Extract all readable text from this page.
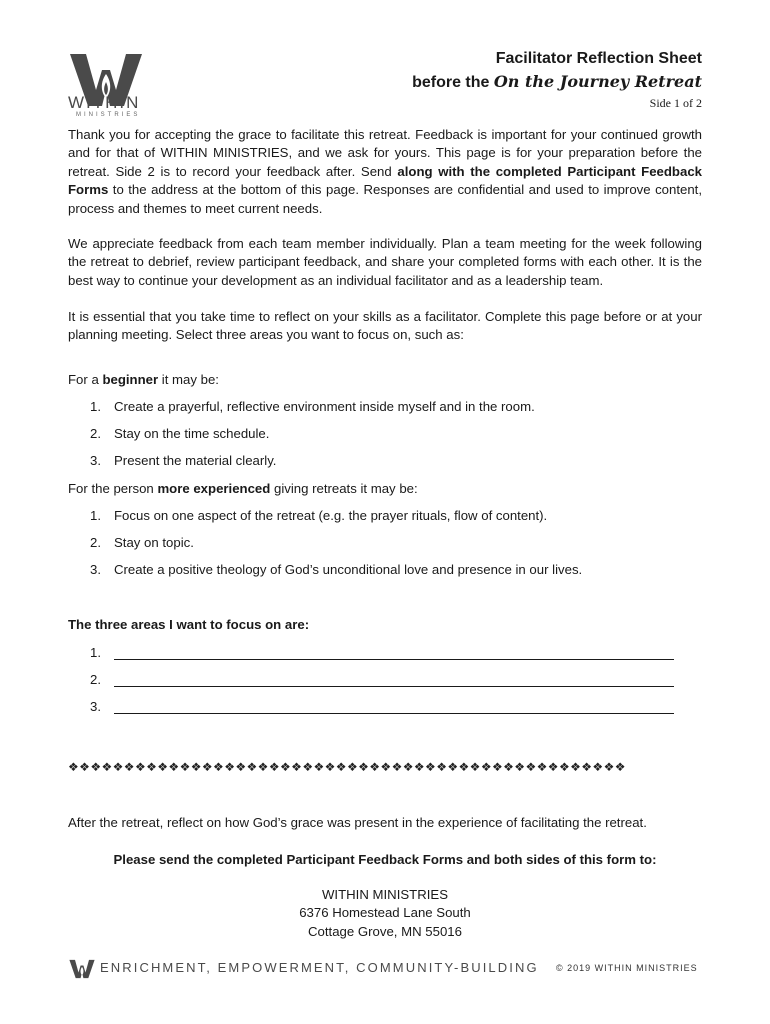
WITHIN
MINISTRIES
Facilitator Reflection Sheet
before the On the Journey Retreat
Side 1 of 2
Thank you for accepting the grace to facilitate this retreat. Feedback is important for your continued growth and for that of WITHIN MINISTRIES, and we ask for yours. This page is for your preparation before the retreat. Side 2 is to record your feedback after. Send along with the completed Participant Feedback Forms to the address at the bottom of this page. Responses are confidential and used to improve content, process and themes to meet current needs.
We appreciate feedback from each team member individually. Plan a team meeting for the week following the retreat to debrief, review participant feedback, and share your completed forms with each other. It is the best way to continue your development as an individual facilitator and as a leadership team.
It is essential that you take time to reflect on your skills as a facilitator. Complete this page before or at your planning meeting. Select three areas you want to focus on, such as:
For a beginner it may be:
1. Create a prayerful, reflective environment inside myself and in the room.
2. Stay on the time schedule.
3. Present the material clearly.
For the person more experienced giving retreats it may be:
1. Focus on one aspect of the retreat (e.g. the prayer rituals, flow of content).
2. Stay on topic.
3. Create a positive theology of God’s unconditional love and presence in our lives.
The three areas I want to focus on are:
1.
2.
3.
❖❖❖❖❖❖❖❖❖❖❖❖❖❖❖❖❖❖❖❖❖❖❖❖❖❖❖❖❖❖❖❖❖❖❖❖❖❖❖❖❖❖❖❖❖❖❖❖❖❖
After the retreat, reflect on how God’s grace was present in the experience of facilitating the retreat.
Please send the completed Participant Feedback Forms and both sides of this form to:
WITHIN MINISTRIES
6376 Homestead Lane South
Cottage Grove, MN 55016
ENRICHMENT, EMPOWERMENT, COMMUNITY-BUILDING © 2019 WITHIN MINISTRIES
